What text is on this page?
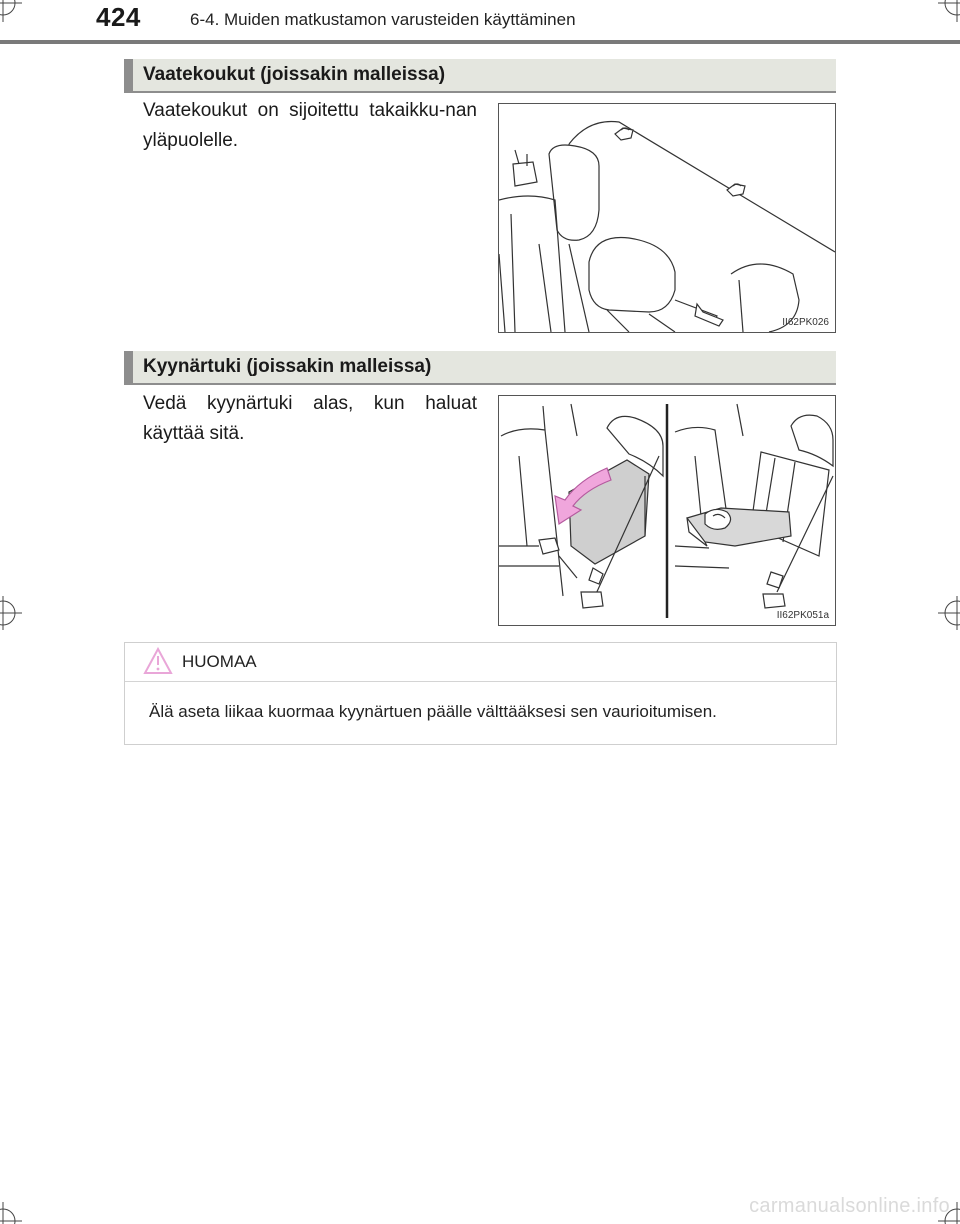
424	6-4. Muiden matkustamon varusteiden käyttäminen
Vaatekoukut (joissakin malleissa)
Vaatekoukut on sijoitettu takaikku-nan yläpuolelle.
II62PK026
Kyynärtuki (joissakin malleissa)
Vedä kyynärtuki alas, kun haluat käyttää sitä.
II62PK051a
HUOMAA
Älä aseta liikaa kuormaa kyynärtuen päälle välttääksesi sen vaurioitumisen.
carmanualsonline.info
